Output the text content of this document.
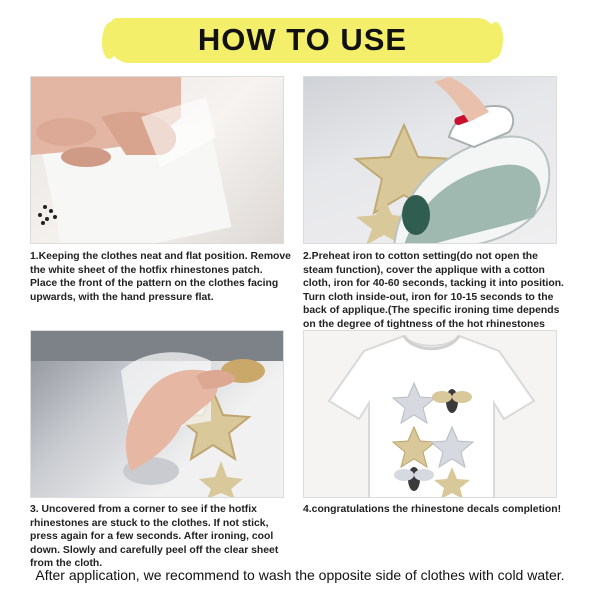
HOW TO USE
1.Keeping the clothes neat and flat position. Remove the white sheet of the hotfix rhinestones patch. Place the front of the pattern on the clothes facing upwards, with the hand pressure flat.
2.Preheat iron to cotton setting(do not open the steam function), cover the applique with a cotton cloth, iron for 40-60 seconds, tacking it into position. Turn cloth inside-out, iron for 10-15 seconds to the back of applique.(The specific ironing time depends on the degree of tightness of the hot rhinestones
3. Uncovered from a corner to see if the hotfix rhinestones are stuck to the clothes. If not stick, press again for a few seconds. After ironing, cool down. Slowly and carefully peel off the clear sheet from the cloth.
4.congratulations the rhinestone decals completion!
After application, we recommend to wash the opposite side of clothes with cold water.
